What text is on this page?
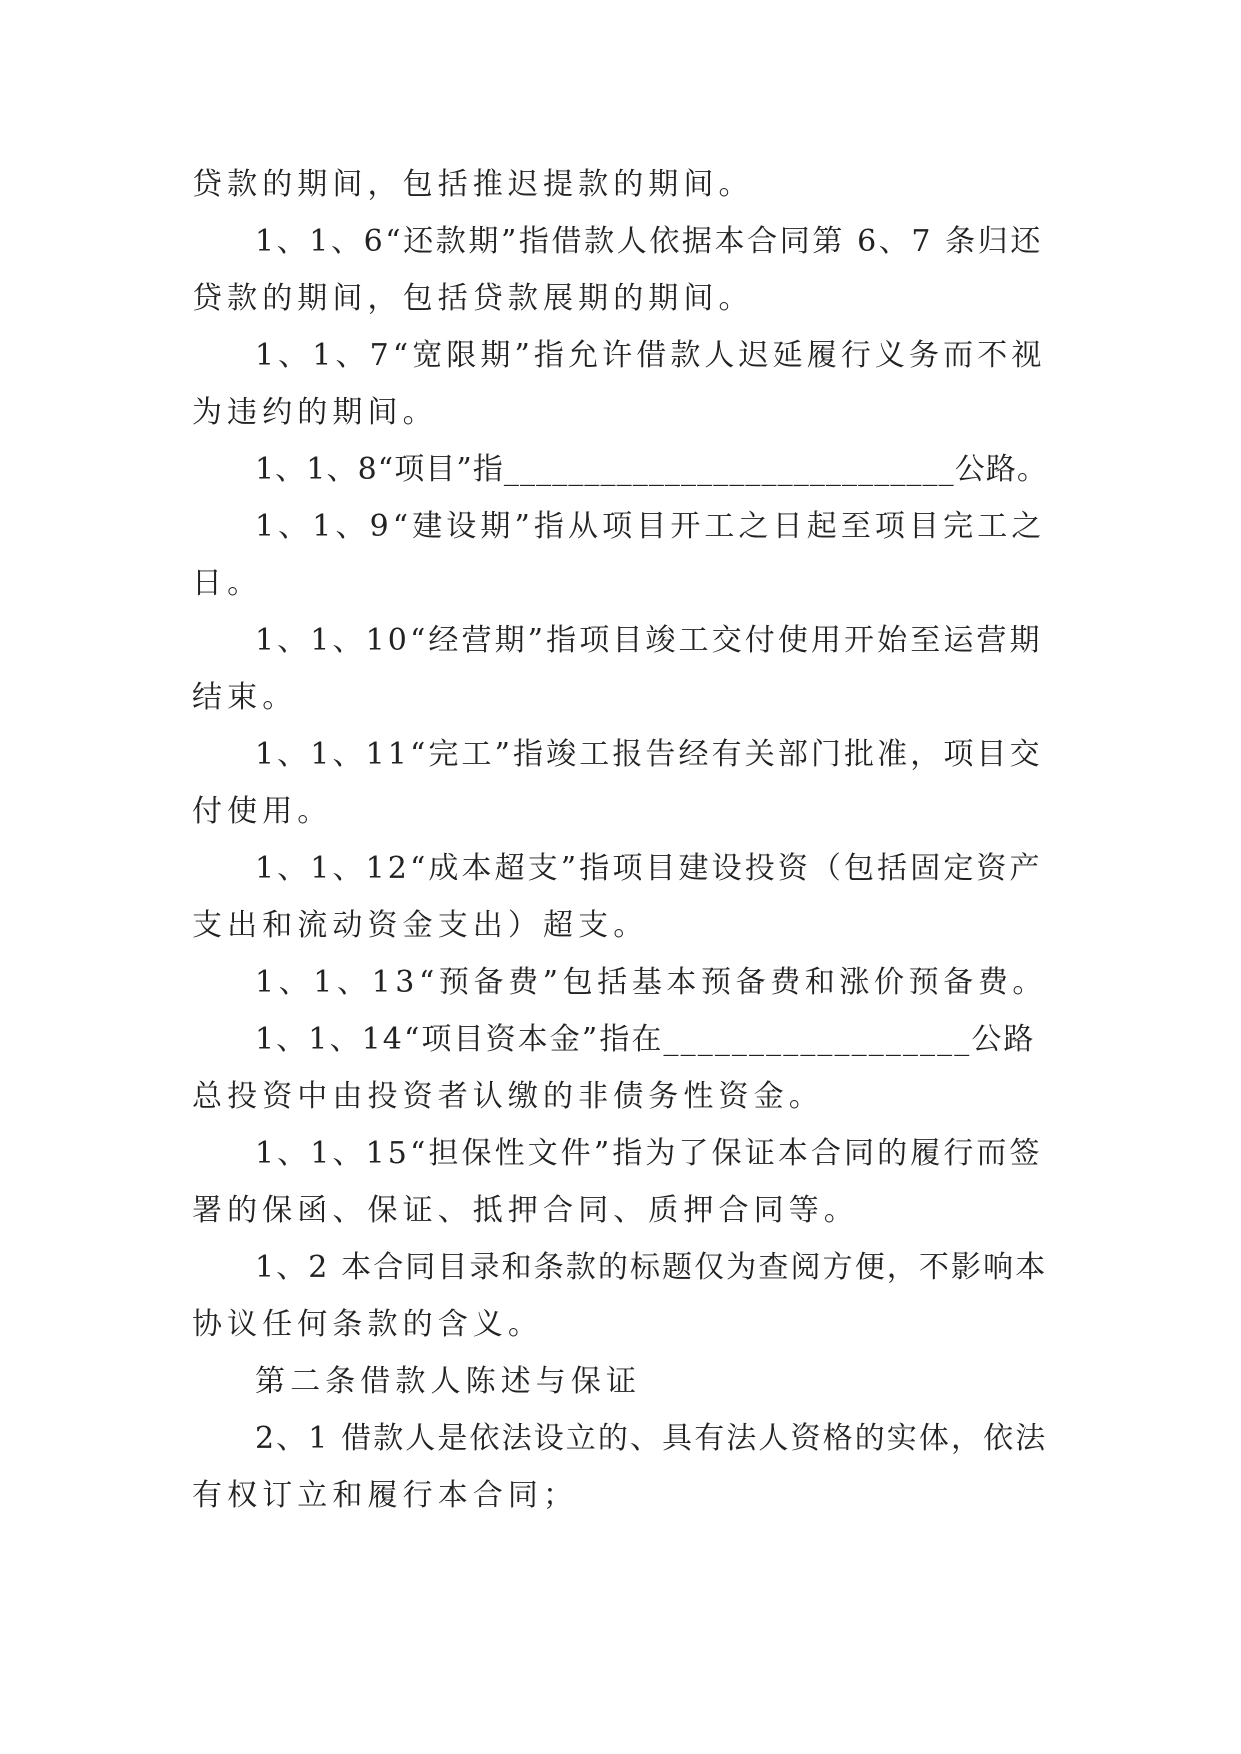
贷款的期间，包括推迟提款的期间。
1、1、6“还款期”指借款人依据本合同第 6、7 条归还
贷款的期间，包括贷款展期的期间。
1、1、7“宽限期”指允许借款人迟延履行义务而不视
为违约的期间。
1、1、8“项目”指____________________________公路。
1、1、9“建设期”指从项目开工之日起至项目完工之
日。
1、1、10“经营期”指项目竣工交付使用开始至运营期
结束。
1、1、11“完工”指竣工报告经有关部门批准，项目交
付使用。
1、1、12“成本超支”指项目建设投资（包括固定资产
支出和流动资金支出）超支。
1、1、13“预备费”包括基本预备费和涨价预备费。
1、1、14“项目资本金”指在__________________公路
总投资中由投资者认缴的非债务性资金。
1、1、15“担保性文件”指为了保证本合同的履行而签
署的保函、保证、抵押合同、质押合同等。
1、2 本合同目录和条款的标题仅为查阅方便，不影响本
协议任何条款的含义。
第二条借款人陈述与保证
2、1 借款人是依法设立的、具有法人资格的实体，依法
有权订立和履行本合同；
